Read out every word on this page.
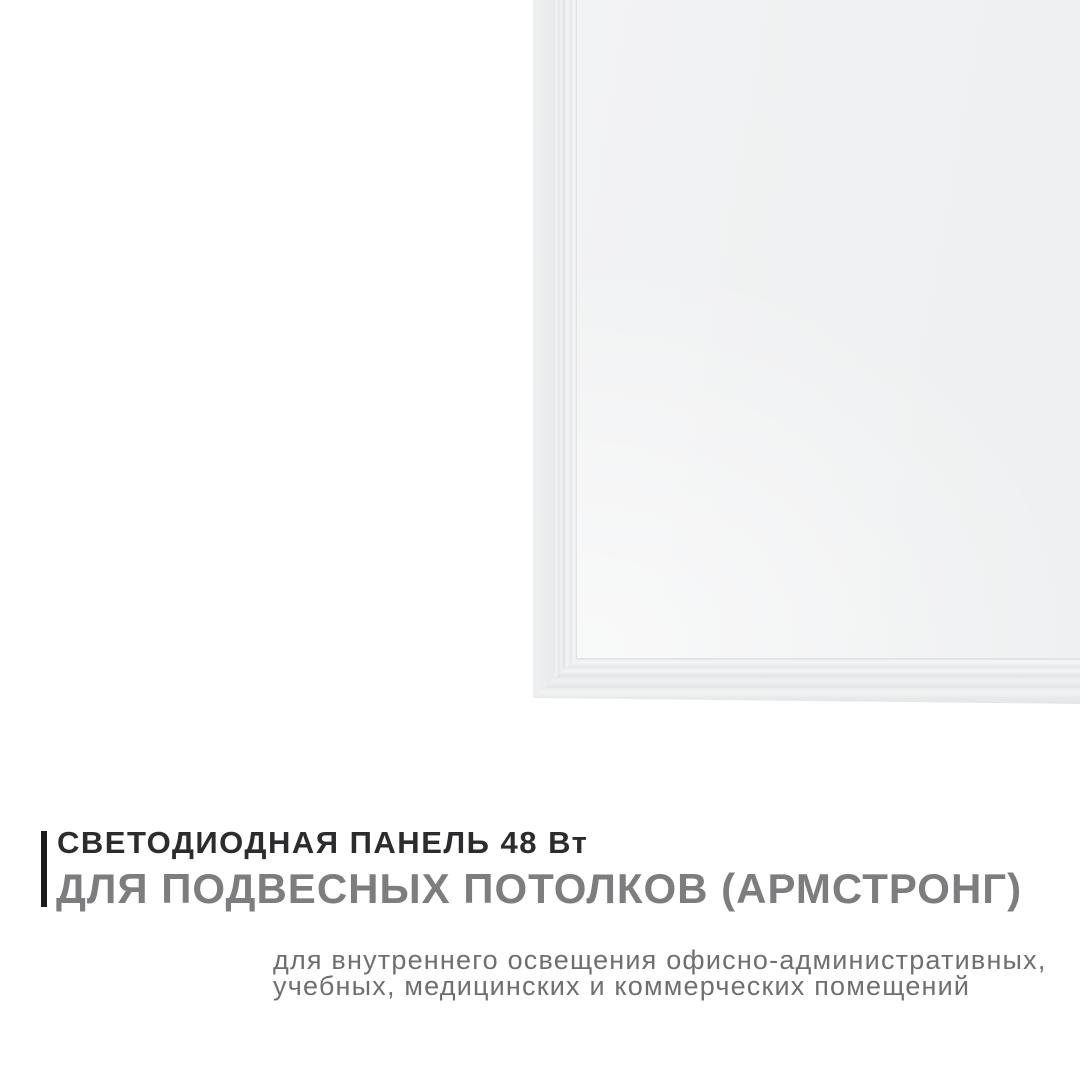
СВЕТОДИОДНАЯ ПАНЕЛЬ 48 Вт
ДЛЯ ПОДВЕСНЫХ ПОТОЛКОВ (АРМСТРОНГ)

для внутреннего освещения офисно-административных,
учебных, медицинских и коммерческих помещений
